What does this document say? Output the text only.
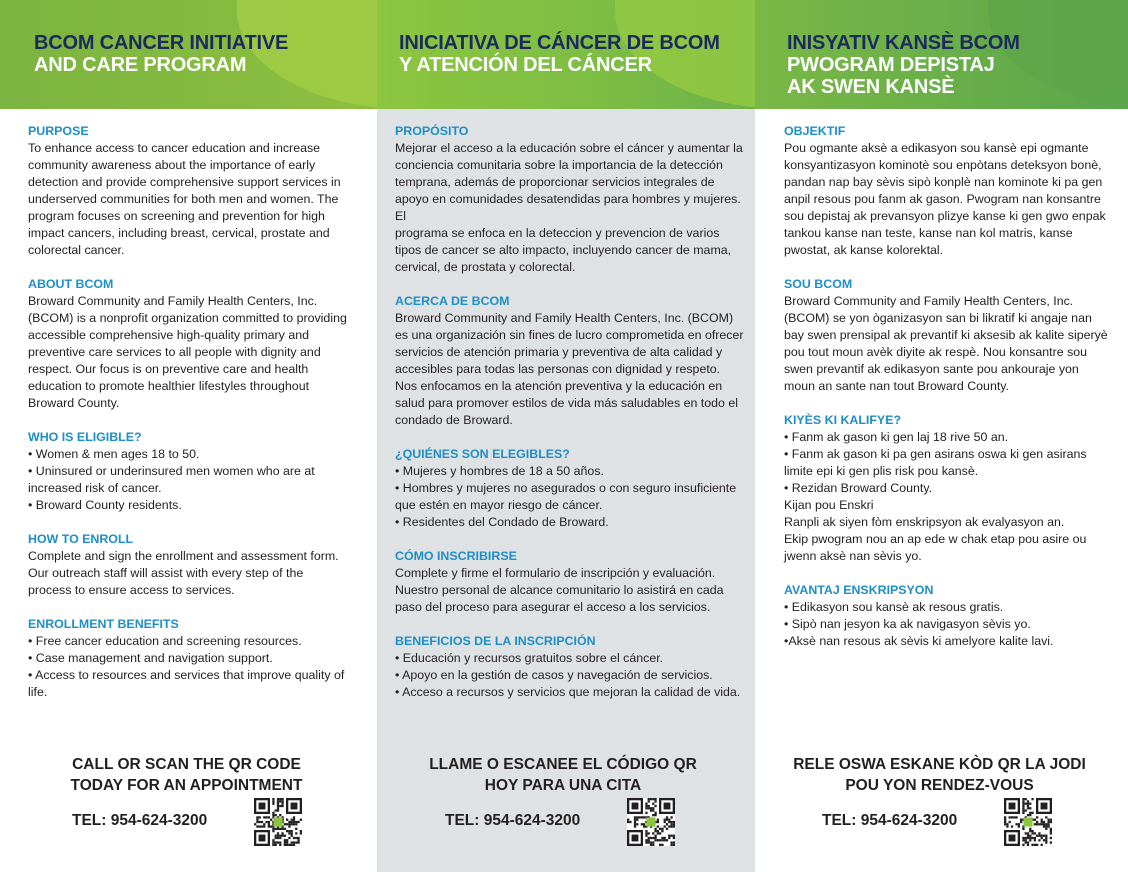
BCOM CANCER INITIATIVE
AND CARE PROGRAM
PURPOSE
To enhance access to cancer education and increase community awareness about the importance of early detection and provide comprehensive support services in underserved communities for both men and women. The program focuses on screening and prevention for high impact cancers, including breast, cervical, prostate and colorectal cancer.
ABOUT BCOM
Broward Community and Family Health Centers, Inc. (BCOM) is a nonprofit organization committed to providing accessible comprehensive high-quality primary and preventive care services to all people with dignity and respect. Our focus is on preventive care and health education to promote healthier lifestyles throughout Broward County.
WHO IS ELIGIBLE?
• Women & men ages 18 to 50.
• Uninsured or underinsured men women who are at increased risk of cancer.
• Broward County residents.
HOW TO ENROLL
Complete and sign the enrollment and assessment form. Our outreach staff will assist with every step of the process to ensure access to services.
ENROLLMENT BENEFITS
• Free cancer education and screening resources.
• Case management and navigation support.
• Access to resources and services that improve quality of life.
CALL OR SCAN THE QR CODE
TODAY FOR AN APPOINTMENT
TEL: 954-624-3200
INICIATIVA DE CÁNCER DE BCOM
Y ATENCIÓN DEL CÁNCER
PROPÓSITO
Mejorar el acceso a la educación sobre el cáncer y aumentar la conciencia comunitaria sobre la importancia de la detección temprana, además de proporcionar servicios integrales de apoyo en comunidades desatendidas para hombres y mujeres. El
programa se enfoca en la deteccion y prevencion de varios tipos de cancer se alto impacto, incluyendo cancer de mama, cervical, de prostata y colorectal.
ACERCA DE BCOM
Broward Community and Family Health Centers, Inc. (BCOM) es una organización sin fines de lucro comprometida en ofrecer servicios de atención primaria y preventiva de alta calidad y accesibles para todas las personas con dignidad y respeto.
Nos enfocamos en la atención preventiva y la educación en salud para promover estilos de vida más saludables en todo el condado de Broward.
¿QUIÉNES SON ELEGIBLES?
• Mujeres y hombres de 18 a 50 años.
• Hombres y mujeres no asegurados o con seguro insuficiente que estén en mayor riesgo de cáncer.
• Residentes del Condado de Broward.
CÓMO INSCRIBIRSE
Complete y firme el formulario de inscripción y evaluación. Nuestro personal de alcance comunitario lo asistirá en cada paso del proceso para asegurar el acceso a los servicios.
BENEFICIOS DE LA INSCRIPCIÓN
• Educación y recursos gratuitos sobre el cáncer.
• Apoyo en la gestión de casos y navegación de servicios.
• Acceso a recursos y servicios que mejoran la calidad de vida.
LLAME O ESCANEE EL CÓDIGO QR
HOY PARA UNA CITA
TEL: 954-624-3200
INISYATIV KANSÈ BCOM
PWOGRAM DEPISTAJ
AK SWEN KANSÈ
OBJEKTIF
Pou ogmante aksè a edikasyon sou kansè epi ogmante konsyantizasyon kominotè sou enpòtans deteksyon bonè, pandan nap bay sèvis sipò konplè nan kominote ki pa gen anpil resous pou fanm ak gason. Pwogram nan konsantre sou depistaj ak prevansyon plizye kanse ki gen gwo enpak tankou kanse nan teste, kanse nan kol matris, kanse pwostat, ak kanse kolorektal.
SOU BCOM
Broward Community and Family Health Centers, Inc. (BCOM) se yon òganizasyon san bi likratif ki angaje nan bay swen prensipal ak prevantif ki aksesib ak kalite siperyè pou tout moun avèk diyite ak respè. Nou konsantre sou swen prevantif ak edikasyon sante pou ankouraje yon moun an sante nan tout Broward County.
KIYÈS KI KALIFYE?
• Fanm ak gason ki gen laj 18 rive 50 an.
• Fanm ak gason ki pa gen asirans oswa ki gen asirans limite epi ki gen plis risk pou kansè.
• Rezidan Broward County.
Kijan pou Enskri
Ranpli ak siyen fòm enskripsyon ak evalyasyon an.
Ekip pwogram nou an ap ede w chak etap pou asire ou jwenn aksè nan sèvis yo.
AVANTAJ ENSKRIPSYON
• Edikasyon sou kansè ak resous gratis.
• Sipò nan jesyon ka ak navigasyon sèvis yo.
•Aksè nan resous ak sèvis ki amelyore kalite lavi.
RELE OSWA ESKANE KÒD QR LA JODI
POU YON RENDEZ-VOUS
TEL: 954-624-3200
